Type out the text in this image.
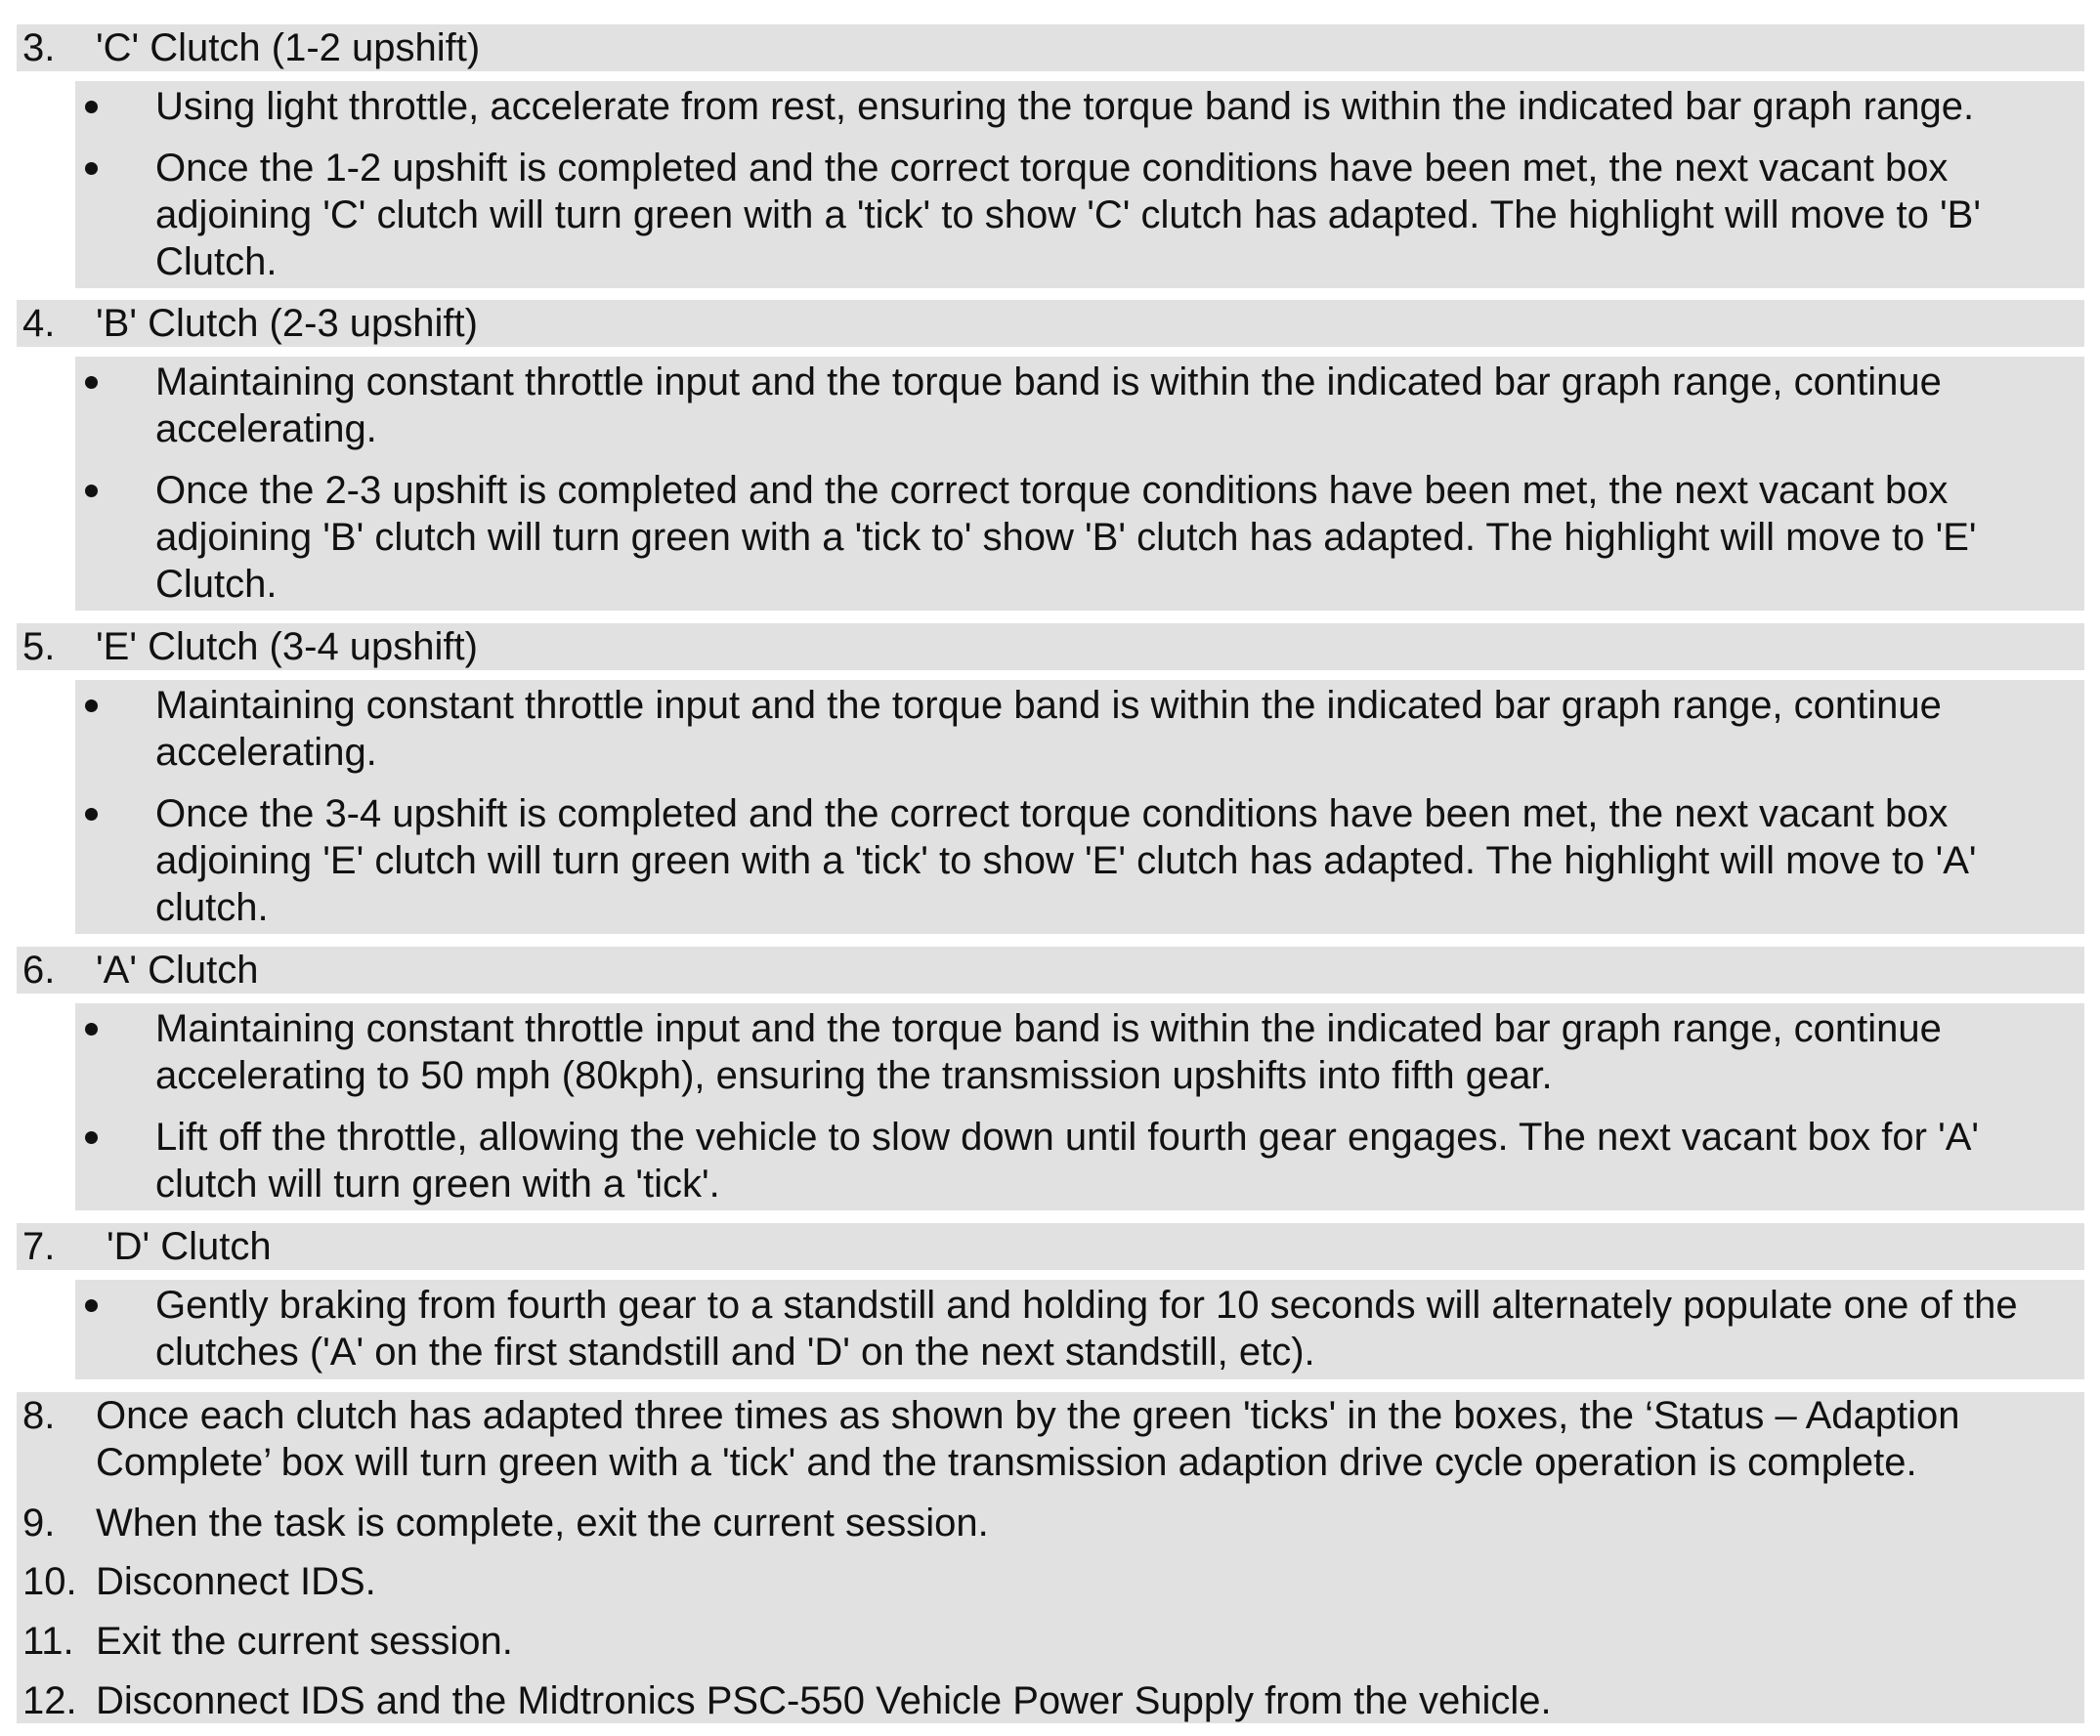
3. 'C' Clutch (1-2 upshift)
Using light throttle, accelerate from rest, ensuring the torque band is within the indicated bar graph range.
Once the 1-2 upshift is completed and the correct torque conditions have been met, the next vacant box adjoining 'C' clutch will turn green with a 'tick' to show 'C' clutch has adapted. The highlight will move to 'B' Clutch.
4. 'B' Clutch (2-3 upshift)
Maintaining constant throttle input and the torque band is within the indicated bar graph range, continue accelerating.
Once the 2-3 upshift is completed and the correct torque conditions have been met, the next vacant box adjoining 'B' clutch will turn green with a 'tick to' show 'B' clutch has adapted. The highlight will move to 'E' Clutch.
5. 'E' Clutch (3-4 upshift)
Maintaining constant throttle input and the torque band is within the indicated bar graph range, continue accelerating.
Once the 3-4 upshift is completed and the correct torque conditions have been met, the next vacant box adjoining 'E' clutch will turn green with a 'tick' to show 'E' clutch has adapted. The highlight will move to 'A' clutch.
6. 'A' Clutch
Maintaining constant throttle input and the torque band is within the indicated bar graph range, continue accelerating to 50 mph (80kph), ensuring the transmission upshifts into fifth gear.
Lift off the throttle, allowing the vehicle to slow down until fourth gear engages. The next vacant box for 'A' clutch will turn green with a 'tick'.
7. 'D' Clutch
Gently braking from fourth gear to a standstill and holding for 10 seconds will alternately populate one of the clutches ('A' on the first standstill and 'D' on the next standstill, etc).
8. Once each clutch has adapted three times as shown by the green 'ticks' in the boxes, the ‘Status – Adaption Complete’ box will turn green with a 'tick' and the transmission adaption drive cycle operation is complete.
9. When the task is complete, exit the current session.
10. Disconnect IDS.
11. Exit the current session.
12. Disconnect IDS and the Midtronics PSC-550 Vehicle Power Supply from the vehicle.
